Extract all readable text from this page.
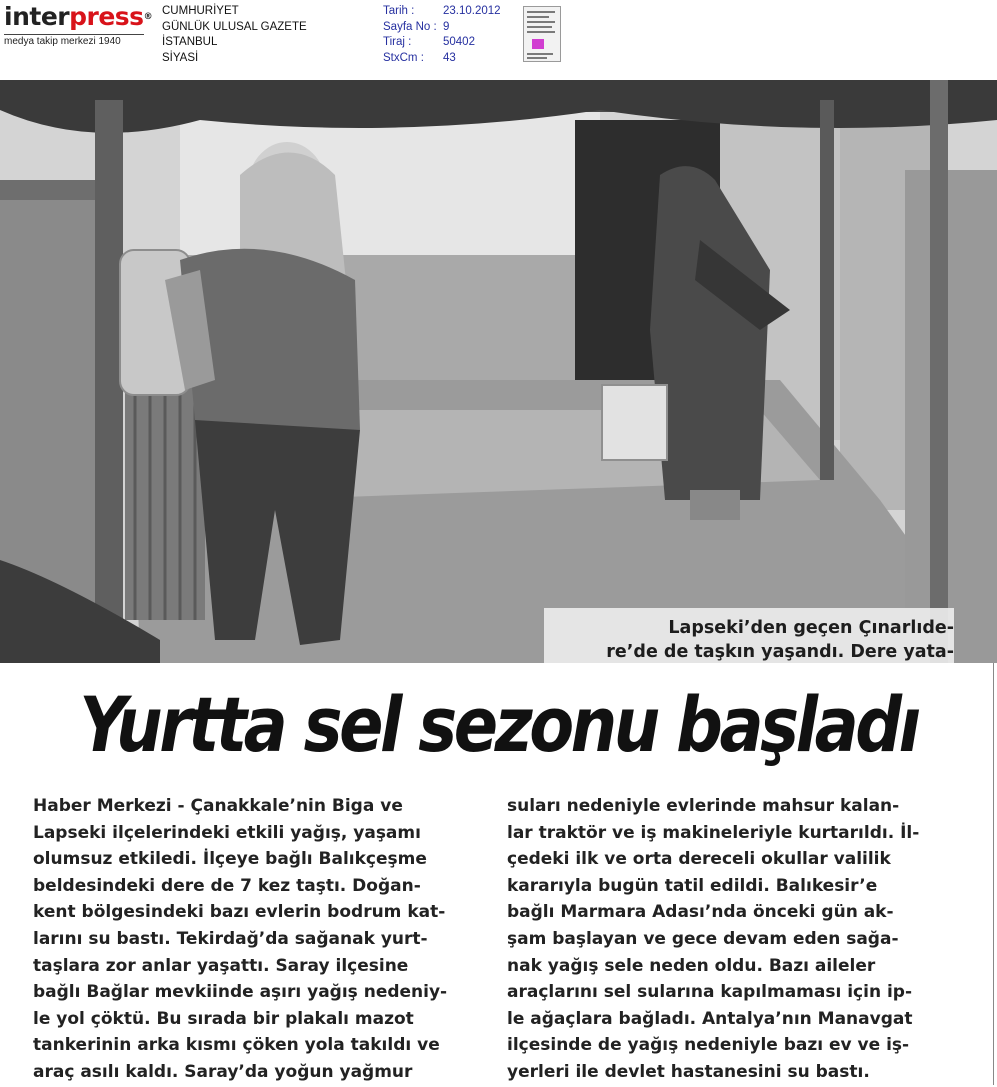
interpress®
medya takip merkezi 1940
CUMHURİYET
GÜNLÜK ULUSAL GAZETE
İSTANBUL
SİYASİ
Tarih :	23.10.2012
Sayfa No : 9
Tiraj :	50402
StxCm :	43
Lapseki’den geçen Çınarlıde-
re’de de taşkın yaşandı. Dere yata-
Yurtta sel sezonu başladı
Haber Merkezi - Çanakkale’nin Biga ve
Lapseki ilçelerindeki etkili yağış, yaşamı
olumsuz etkiledi. İlçeye bağlı Balıkçeşme
beldesindeki dere de 7 kez taştı. Doğan-
kent bölgesindeki bazı evlerin bodrum kat-
larını su bastı. Tekirdağ’da sağanak yurt-
taşlara zor anlar yaşattı. Saray ilçesine
bağlı Bağlar mevkiinde aşırı yağış nedeniy-
le yol çöktü. Bu sırada bir plakalı mazot
tankerinin arka kısmı çöken yola takıldı ve
araç asılı kaldı. Saray’da yoğun yağmur
suları nedeniyle evlerinde mahsur kalan-
lar traktör ve iş makineleriyle kurtarıldı. İl-
çedeki ilk ve orta dereceli okullar valilik
kararıyla bugün tatil edildi. Balıkesir’e
bağlı Marmara Adası’nda önceki gün ak-
şam başlayan ve gece devam eden sağa-
nak yağış sele neden oldu. Bazı aileler
araçlarını sel sularına kapılmaması için ip-
le ağaçlara bağladı. Antalya’nın Manavgat
ilçesinde de yağış nedeniyle bazı ev ve iş-
yerleri ile devlet hastanesini su bastı.
